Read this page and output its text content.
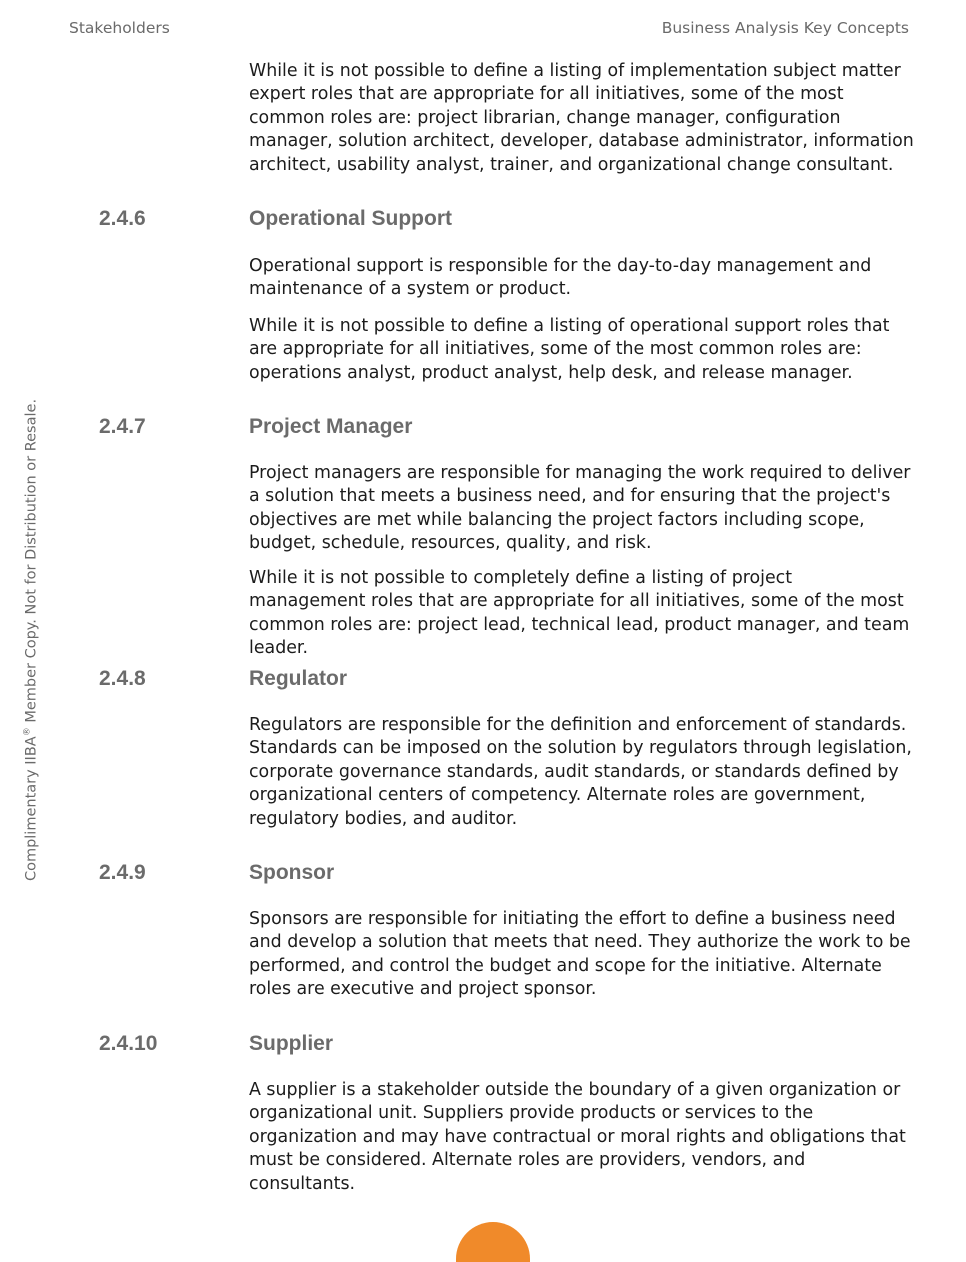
Stakeholders	Business Analysis Key Concepts
Complimentary IIBA® Member Copy. Not for Distribution or Resale.

While it is not possible to define a listing of implementation subject matter expert roles that are appropriate for all initiatives, some of the most common roles are: project librarian, change manager, configuration manager, solution architect, developer, database administrator, information architect, usability analyst, trainer, and organizational change consultant.

2.4.6	Operational Support

Operational support is responsible for the day-to-day management and maintenance of a system or product.

While it is not possible to define a listing of operational support roles that are appropriate for all initiatives, some of the most common roles are: operations analyst, product analyst, help desk, and release manager.

2.4.7	Project Manager

Project managers are responsible for managing the work required to deliver a solution that meets a business need, and for ensuring that the project's objectives are met while balancing the project factors including scope, budget, schedule, resources, quality, and risk.

While it is not possible to completely define a listing of project management roles that are appropriate for all initiatives, some of the most common roles are: project lead, technical lead, product manager, and team leader.

2.4.8	Regulator

Regulators are responsible for the definition and enforcement of standards. Standards can be imposed on the solution by regulators through legislation, corporate governance standards, audit standards, or standards defined by organizational centers of competency. Alternate roles are government, regulatory bodies, and auditor.

2.4.9	Sponsor

Sponsors are responsible for initiating the effort to define a business need and develop a solution that meets that need. They authorize the work to be performed, and control the budget and scope for the initiative. Alternate roles are executive and project sponsor.

2.4.10	Supplier

A supplier is a stakeholder outside the boundary of a given organization or organizational unit. Suppliers provide products or services to the organization and may have contractual or moral rights and obligations that must be considered. Alternate roles are providers, vendors, and consultants.
